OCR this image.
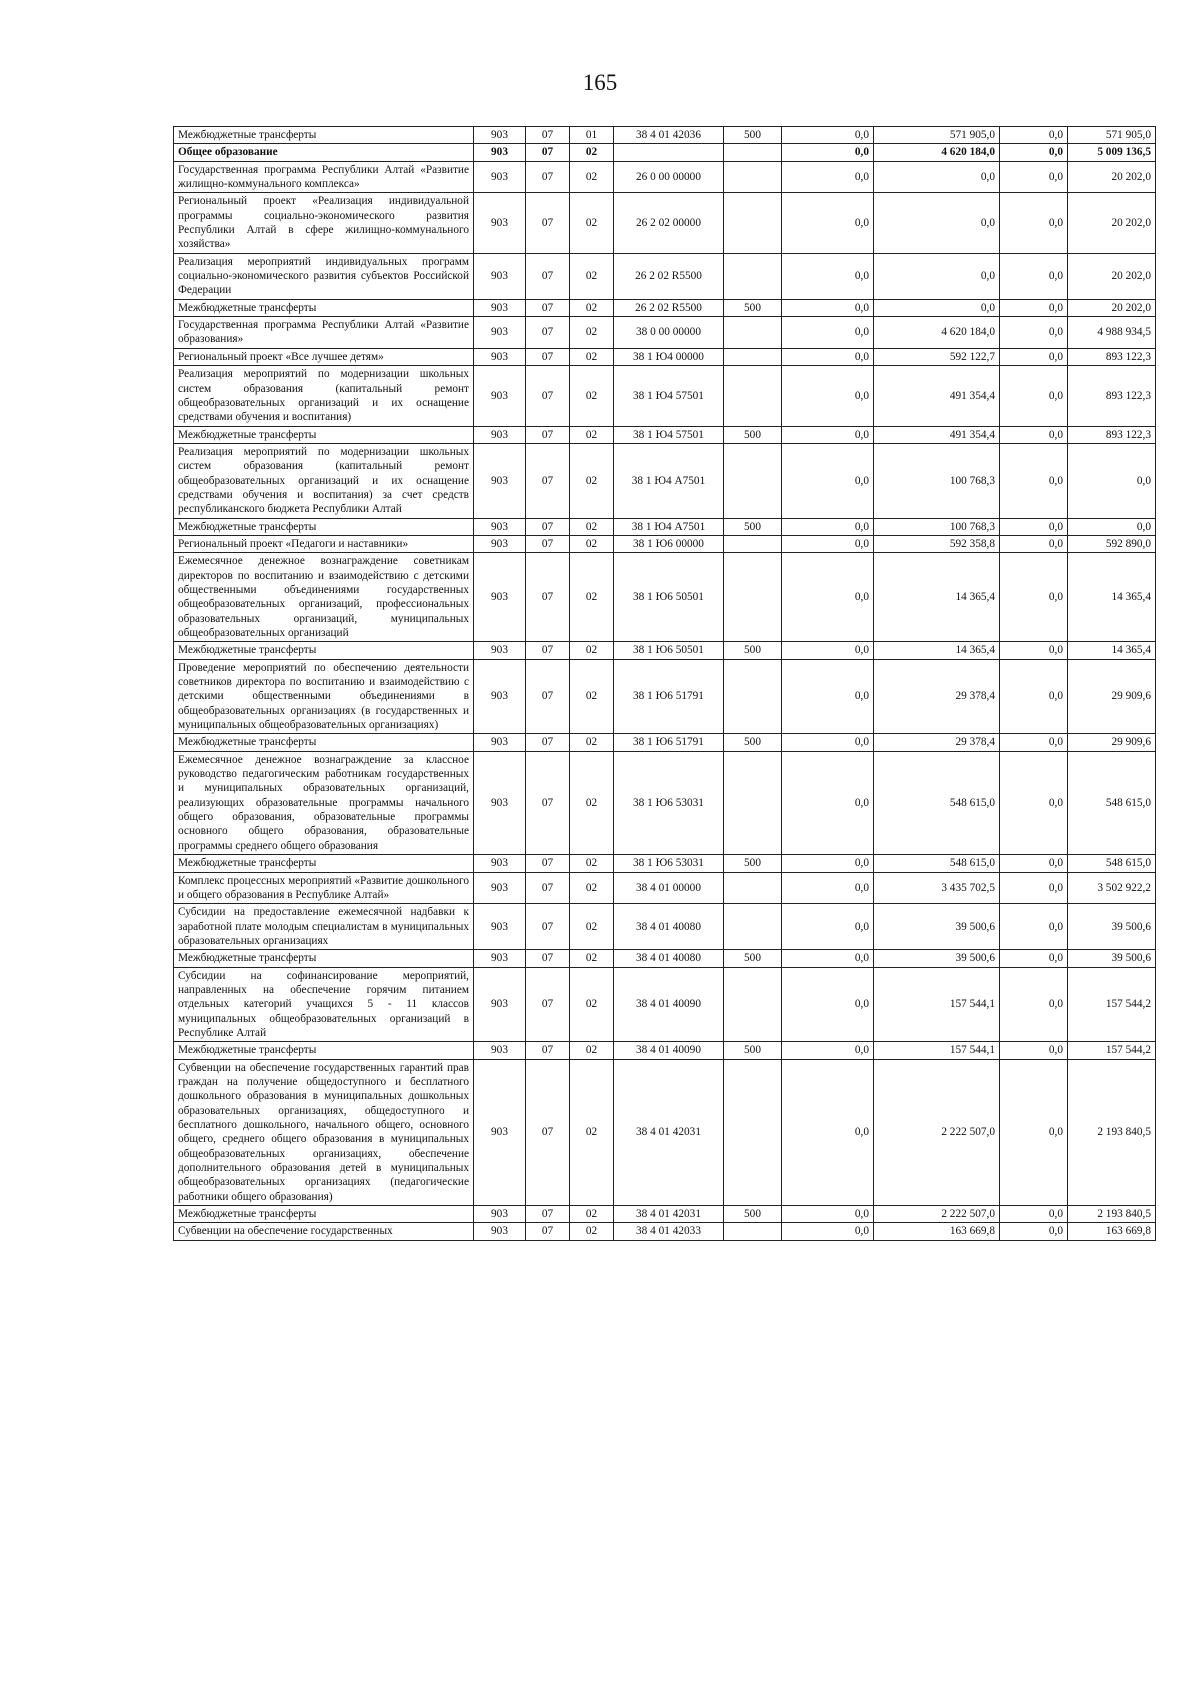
165
Межбюджетные трансферты	903	07	01	38 4 01 42036	500	0,0	571 905,0	0,0	571 905,0
Общее образование	903	07	02			0,0	4 620 184,0	0,0	5 009 136,5
Государственная программа Республики Алтай «Развитие жилищно-коммунального комплекса»	903	07	02	26 0 00 00000		0,0	0,0	0,0	20 202,0
Региональный проект «Реализация индивидуальной программы социально-экономического развития Республики Алтай в сфере жилищно-коммунального хозяйства»	903	07	02	26 2 02 00000		0,0	0,0	0,0	20 202,0
Реализация мероприятий индивидуальных программ социально-экономического развития субъектов Российской Федерации	903	07	02	26 2 02 R5500		0,0	0,0	0,0	20 202,0
Межбюджетные трансферты	903	07	02	26 2 02 R5500	500	0,0	0,0	0,0	20 202,0
Государственная программа Республики Алтай «Развитие образования»	903	07	02	38 0 00 00000		0,0	4 620 184,0	0,0	4 988 934,5
Региональный проект «Все лучшее детям»	903	07	02	38 1 Ю4 00000		0,0	592 122,7	0,0	893 122,3
Реализация мероприятий по модернизации школьных систем образования (капитальный ремонт общеобразовательных организаций и их оснащение средствами обучения и воспитания)	903	07	02	38 1 Ю4 57501		0,0	491 354,4	0,0	893 122,3
Межбюджетные трансферты	903	07	02	38 1 Ю4 57501	500	0,0	491 354,4	0,0	893 122,3
Реализация мероприятий по модернизации школьных систем образования (капитальный ремонт общеобразовательных организаций и их оснащение средствами обучения и воспитания) за счет средств республиканского бюджета Республики Алтай	903	07	02	38 1 Ю4 А7501		0,0	100 768,3	0,0	0,0
Межбюджетные трансферты	903	07	02	38 1 Ю4 А7501	500	0,0	100 768,3	0,0	0,0
Региональный проект «Педагоги и наставники»	903	07	02	38 1 Ю6 00000		0,0	592 358,8	0,0	592 890,0
Ежемесячное денежное вознаграждение советникам директоров по воспитанию и взаимодействию с детскими общественными объединениями государственных общеобразовательных организаций, профессиональных образовательных организаций, муниципальных общеобразовательных организаций	903	07	02	38 1 Ю6 50501		0,0	14 365,4	0,0	14 365,4
Межбюджетные трансферты	903	07	02	38 1 Ю6 50501	500	0,0	14 365,4	0,0	14 365,4
Проведение мероприятий по обеспечению деятельности советников директора по воспитанию и взаимодействию с детскими общественными объединениями в общеобразовательных организациях (в государственных и муниципальных общеобразовательных организациях)	903	07	02	38 1 Ю6 51791		0,0	29 378,4	0,0	29 909,6
Межбюджетные трансферты	903	07	02	38 1 Ю6 51791	500	0,0	29 378,4	0,0	29 909,6
Ежемесячное денежное вознаграждение за классное руководство педагогическим работникам государственных и муниципальных образовательных организаций, реализующих образовательные программы начального общего образования, образовательные программы основного общего образования, образовательные программы среднего общего образования	903	07	02	38 1 Ю6 53031		0,0	548 615,0	0,0	548 615,0
Межбюджетные трансферты	903	07	02	38 1 Ю6 53031	500	0,0	548 615,0	0,0	548 615,0
Комплекс процессных мероприятий «Развитие дошкольного и общего образования в Республике Алтай»	903	07	02	38 4 01 00000		0,0	3 435 702,5	0,0	3 502 922,2
Субсидии на предоставление ежемесячной надбавки к заработной плате молодым специалистам в муниципальных образовательных организациях	903	07	02	38 4 01 40080		0,0	39 500,6	0,0	39 500,6
Межбюджетные трансферты	903	07	02	38 4 01 40080	500	0,0	39 500,6	0,0	39 500,6
Субсидии на софинансирование мероприятий, направленных на обеспечение горячим питанием отдельных категорий учащихся 5 - 11 классов муниципальных общеобразовательных организаций в Республике Алтай	903	07	02	38 4 01 40090		0,0	157 544,1	0,0	157 544,2
Межбюджетные трансферты	903	07	02	38 4 01 40090	500	0,0	157 544,1	0,0	157 544,2
Субвенции на обеспечение государственных гарантий прав граждан на получение общедоступного и бесплатного дошкольного образования в муниципальных дошкольных образовательных организациях, общедоступного и бесплатного дошкольного, начального общего, основного общего, среднего общего образования в муниципальных общеобразовательных организациях, обеспечение дополнительного образования детей в муниципальных общеобразовательных организациях (педагогические работники общего образования)	903	07	02	38 4 01 42031		0,0	2 222 507,0	0,0	2 193 840,5
Межбюджетные трансферты	903	07	02	38 4 01 42031	500	0,0	2 222 507,0	0,0	2 193 840,5
Субвенции на обеспечение государственных	903	07	02	38 4 01 42033		0,0	163 669,8	0,0	163 669,8
